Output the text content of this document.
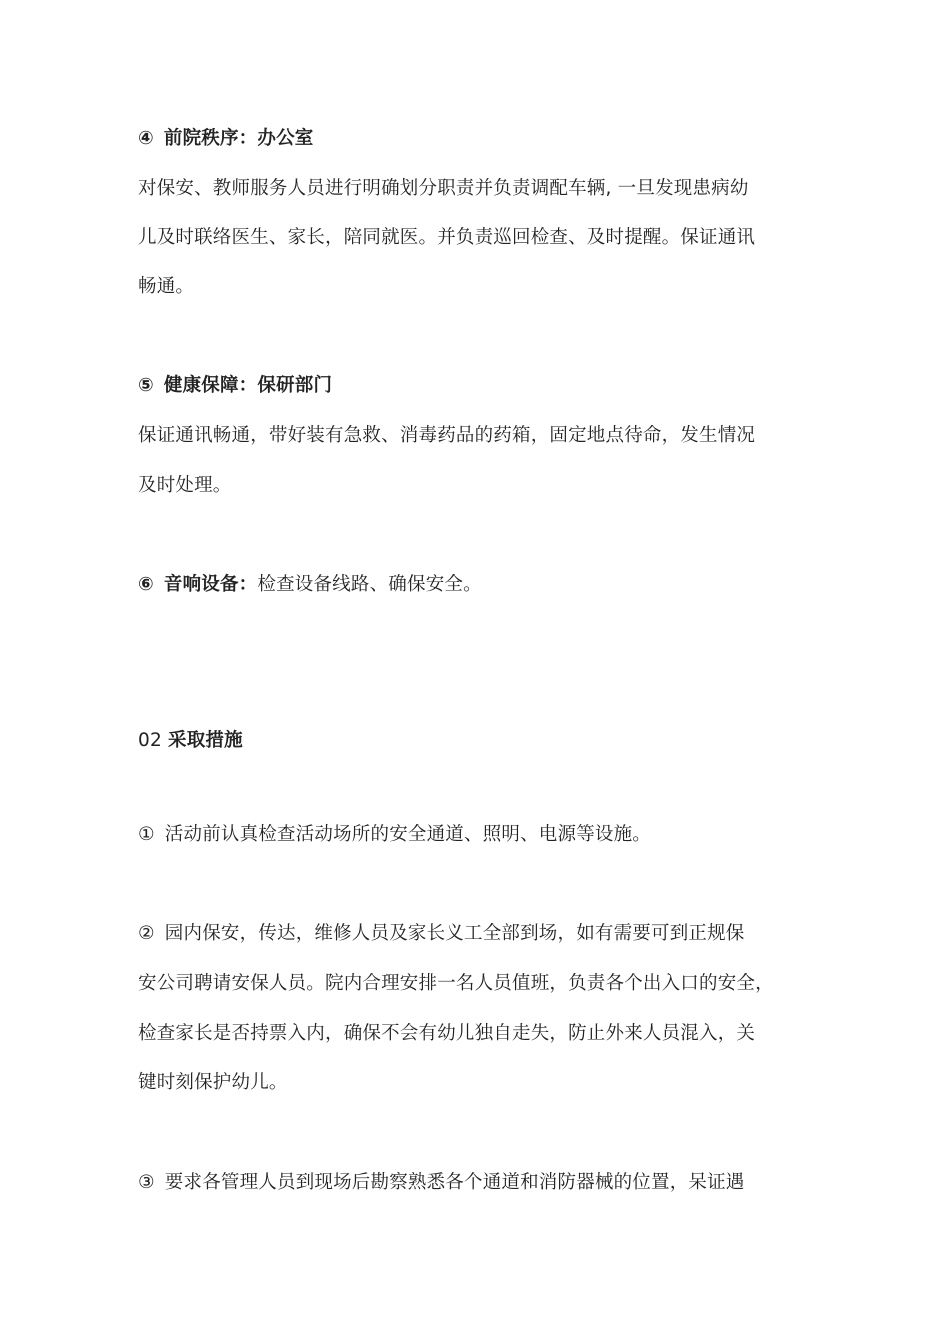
④ 前院秩序：办公室
对保安、教师服务人员进行明确划分职责并负责调配车辆, 一旦发现患病幼
儿及时联络医生、家长，陪同就医。并负责巡回检查、及时提醒。保证通讯
畅通。
⑤ 健康保障：保研部门
保证通讯畅通，带好装有急救、消毒药品的药箱，固定地点待命，发生情况
及时处理。
⑥ 音响设备：检查设备线路、确保安全。
02 采取措施
① 活动前认真检查活动场所的安全通道、照明、电源等设施。
② 园内保安，传达，维修人员及家长义工全部到场，如有需要可到正规保
安公司聘请安保人员。院内合理安排一名人员值班，负责各个出入口的安全，
检查家长是否持票入内，确保不会有幼儿独自走失，防止外来人员混入，关
键时刻保护幼儿。
③ 要求各管理人员到现场后勘察熟悉各个通道和消防器械的位置，呆证遇
